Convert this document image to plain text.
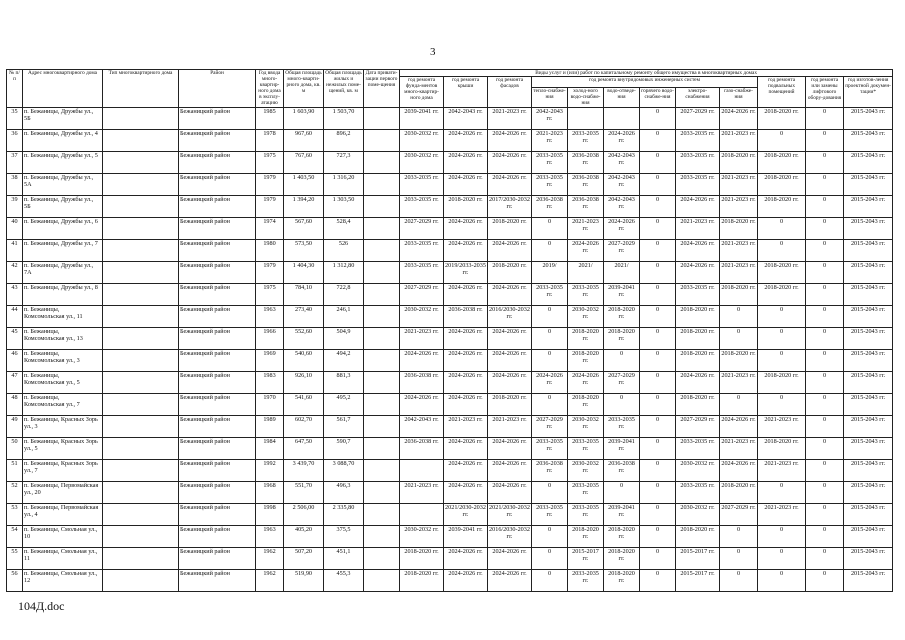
3
№ п/п	Адрес многоквартирного дома	Тип многоквартирного дома	Район	Год ввода много-квартир-ного дома в эксплу-атацию	Общая площадь много-кварти-рного дома, кв. м	Общая площадь жилых и нежилых поме-щений, кв. м	Дата привати-зации первого поме-щения	Виды услуг и (или) работ по капитальному ремонту общего имущества в многоквартирных домах											
								год ремонта фунда-ментов много-квартир-ного дома	год ремонта крыши	год ремонта фасадов	год ремонта внутридомовых инженерных систем						год ремонта подвальных помещений	год ремонта или замены лифтового обору-дования	год изготов-ления проектной докумен-тации*
											тепло-снабже-ния	холод-ного водо-снабже-ния	водо-отведе-ния	горячего водо-снабже-ния	электро-снабжения	газо-снабже-ния			
35	п. Бежаницы, Дружбы ул., 5Б		Бежаницкий район	1985	1 603,90	1 503,70		2039-2041 гг.	2042-2043 гг.	2021-2023 гг.	2042-2043 гг.			0	2027-2029 гг.	2024-2026 гг.	2018-2020 гг.	0	2015-2043 гг.
36	п. Бежаницы, Дружбы ул., 4		Бежаницкий район	1978	967,60	896,2		2030-2032 гг.	2024-2026 гг.	2024-2026 гг.	2021-2023 гг.	2033-2035 гг.	2024-2026 гг.	0	2033-2035 гг.	2021-2023 гг.	0	0	2015-2043 гг.
37	п. Бежаницы, Дружбы ул., 5		Бежаницкий район	1975	767,60	727,3		2030-2032 гг.	2024-2026 гг.	2024-2026 гг.	2033-2035 гг.	2036-2038 гг.	2042-2043 гг.	0	2033-2035 гг.	2018-2020 гг.	2018-2020 гг.	0	2015-2043 гг.
38	п. Бежаницы, Дружбы ул., 5А		Бежаницкий район	1979	1 403,50	1 316,20		2033-2035 гг.	2024-2026 гг.	2024-2026 гг.	2033-2035 гг.	2036-2038 гг.	2042-2043 гг.	0	2033-2035 гг.	2021-2023 гг.	2018-2020 гг.	0	2015-2043 гг.
39	п. Бежаницы, Дружбы ул., 5Б		Бежаницкий район	1979	1 394,20	1 303,50		2033-2035 гг.	2018-2020 гг.	2017/2030-2032 гг.	2036-2038 гг.	2036-2038 гг.	2042-2043 гг.	0	2024-2026 гг.	2021-2023 гг.	2018-2020 гг.	0	2015-2043 гг.
40	п. Бежаницы, Дружбы ул., 6		Бежаницкий район	1974	567,60	528,4		2027-2029 гг.	2024-2026 гг.	2018-2020 гг.	0	2021-2023 гг.	2024-2026 гг.	0	2021-2023 гг.	2018-2020 гг.	0	0	2015-2043 гг.
41	п. Бежаницы, Дружбы ул., 7		Бежаницкий район	1980	573,50	526		2033-2035 гг.	2024-2026 гг.	2024-2026 гг.	0	2024-2026 гг.	2027-2029 гг.	0	2024-2026 гг.	2021-2023 гг.	0	0	2015-2043 гг.
42	п. Бежаницы, Дружбы ул., 7А		Бежаницкий район	1979	1 404,30	1 312,80		2033-2035 гг.	2019/2033-2035 гг.	2018-2020 гг.	2019/	2021/	2021/	0	2024-2026 гг.	2021-2023 гг.	2018-2020 гг.	0	2015-2043 гг.
43	п. Бежаницы, Дружбы ул., 8		Бежаницкий район	1975	784,10	722,8		2027-2029 гг.	2024-2026 гг.	2024-2026 гг.	2033-2035 гг.	2033-2035 гг.	2039-2041 гг.	0	2033-2035 гг.	2018-2020 гг.	2018-2020 гг.	0	2015-2043 гг.
44	п. Бежаницы, Комсомольская ул., 11		Бежаницкий район	1963	273,40	246,1		2030-2032 гг.	2036-2038 гг.	2016/2030-2032 гг.	0	2030-2032 гг.	2018-2020 гг.	0	2018-2020 гг.	0	0	0	2015-2043 гг.
45	п. Бежаницы, Комсомольская ул., 13		Бежаницкий район	1966	552,60	504,9		2021-2023 гг.	2024-2026 гг.	2024-2026 гг.	0	2018-2020 гг.	2018-2020 гг.	0	2018-2020 гг.	0	0	0	2015-2043 гг.
46	п. Бежаницы, Комсомольская ул., 3		Бежаницкий район	1969	540,60	494,2		2024-2026 гг.	2024-2026 гг.	2024-2026 гг.	0	2018-2020 гг.	0	0	2018-2020 гг.	2018-2020 гг.	0	0	2015-2043 гг.
47	п. Бежаницы, Комсомольская ул., 5		Бежаницкий район	1983	926,10	881,3		2036-2038 гг.	2024-2026 гг.	2024-2026 гг.	2024-2026 гг.	2024-2026 гг.	2027-2029 гг.	0	2024-2026 гг.	2021-2023 гг.	2018-2020 гг.	0	2015-2043 гг.
48	п. Бежаницы, Комсомольская ул., 7		Бежаницкий район	1970	541,60	495,2		2024-2026 гг.	2024-2026 гг.	2018-2020 гг.	0	2018-2020 гг.	0	0	2018-2020 гг.	0	0	0	2015-2043 гг.
49	п. Бежаницы, Красных Зорь ул., 3		Бежаницкий район	1989	602,70	561,7		2042-2043 гг.	2021-2023 гг.	2021-2023 гг.	2027-2029 гг.	2030-2032 гг.	2033-2035 гг.	0	2027-2029 гг.	2024-2026 гг.	2021-2023 гг.	0	2015-2043 гг.
50	п. Бежаницы, Красных Зорь ул., 5		Бежаницкий район	1984	647,50	590,7		2036-2038 гг.	2024-2026 гг.	2024-2026 гг.	2033-2035 гг.	2033-2035 гг.	2039-2041 гг.	0	2033-2035 гг.	2021-2023 гг.	2018-2020 гг.	0	2015-2043 гг.
51	п. Бежаницы, Красных Зорь ул., 7		Бежаницкий район	1992	3 439,70	3 088,70			2024-2026 гг.	2024-2026 гг.	2036-2038 гг.	2030-2032 гг.	2036-2038 гг.	0	2030-2032 гг.	2024-2026 гг.	2021-2023 гг.	0	2015-2043 гг.
52	п. Бежаницы, Первомайская ул., 20		Бежаницкий район	1968	551,70	496,3		2021-2023 гг.	2024-2026 гг.	2024-2026 гг.	0	2033-2035 гг.	0	0	2033-2035 гг.	2018-2020 гг.	0	0	2015-2043 гг.
53	п. Бежаницы, Первомайская ул., 4		Бежаницкий район	1998	2 506,00	2 335,80			2021/2030-2032 гг.	2021/2030-2032 гг.	2033-2035 гг.	2033-2035 гг.	2039-2041 гг.	0	2030-2032 гг.	2027-2029 гг.	2021-2023 гг.	0	2015-2043 гг.
54	п. Бежаницы, Смольная ул., 10		Бежаницкий район	1963	405,20	375,5		2030-2032 гг.	2039-2041 гг.	2016/2030-2032 гг.	0	2018-2020 гг.	2018-2020 гг.	0	2018-2020 гг.	0	0	0	2015-2043 гг.
55	п. Бежаницы, Смольная ул., 11		Бежаницкий район	1962	507,20	451,1		2018-2020 гг.	2024-2026 гг.	2024-2026 гг.	0	2015-2017 гг.	2018-2020 гг.	0	2015-2017 гг.	0	0	0	2015-2043 гг.
56	п. Бежаницы, Смольная ул., 12		Бежаницкий район	1962	519,90	455,3		2018-2020 гг.	2024-2026 гг.	2024-2026 гг.	0	2033-2035 гг.	2018-2020 гг.	0	2015-2017 гг.	0	0	0	2015-2043 гг.
104Д.doc
